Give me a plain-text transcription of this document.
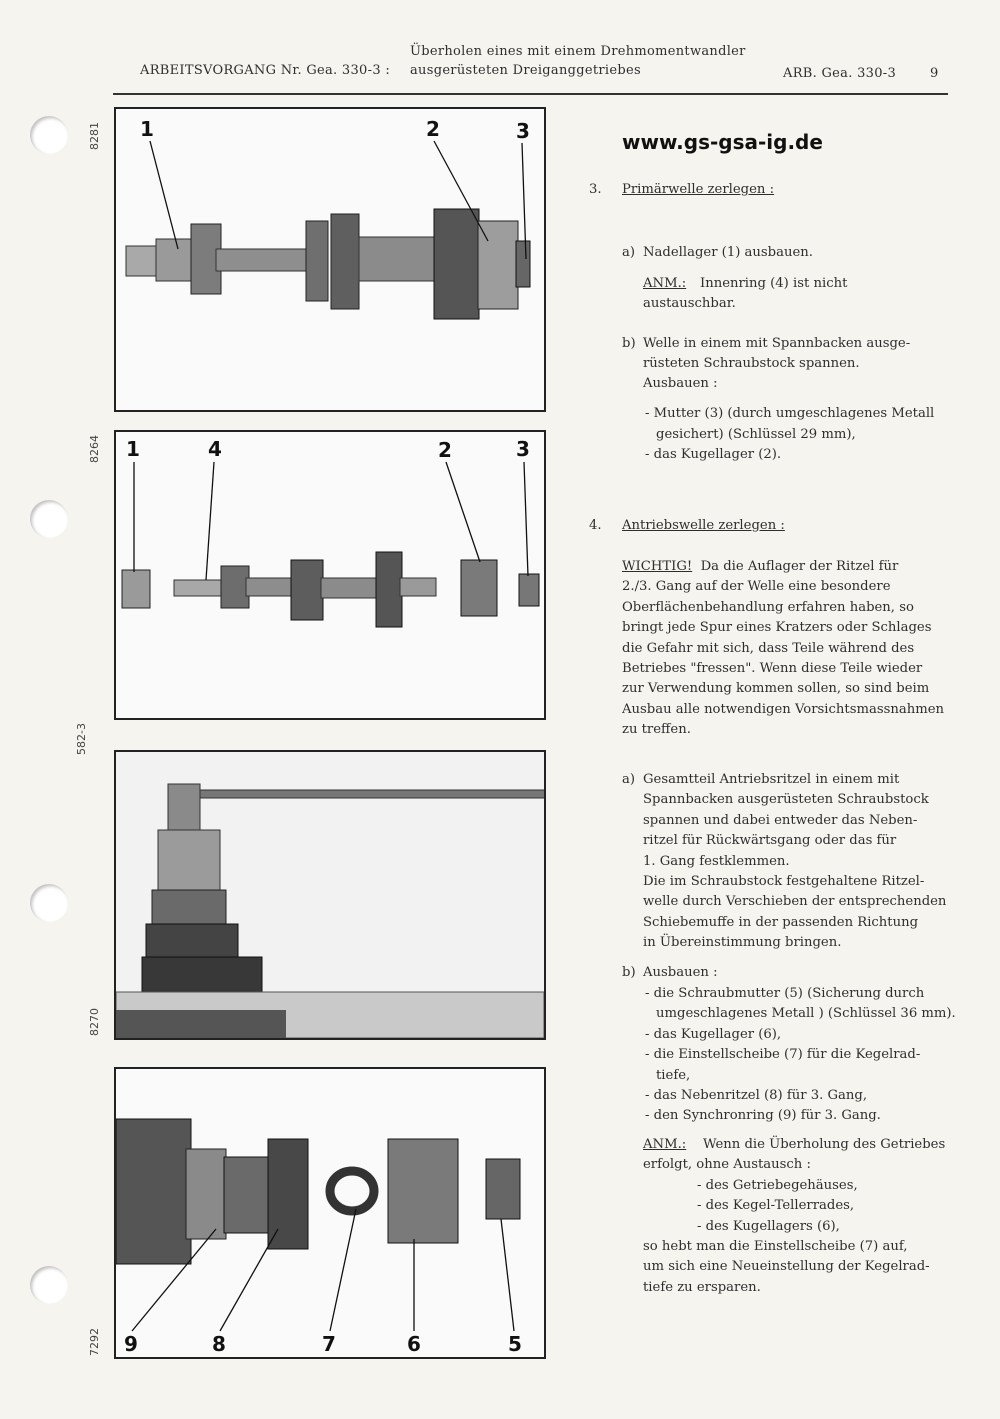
ARBEITSVORGANG Nr. Gea. 330-3 :
Überholen eines mit einem Drehmomentwandler
ausgerüsteten Dreiganggetriebes	ARB. Gea. 330-3	9
8281
8264
582-3
8270
7292
1	2	3
1	4	2	3
9	8	7	6	5
www.gs-gsa-ig.de
3. Primärwelle zerlegen :
a) Nadellager (1) ausbauen.
ANM.: Innenring (4) ist nicht
austauschbar.
b) Welle in einem mit Spannbacken ausge-
rüsteten Schraubstock spannen.
Ausbauen :
- Mutter (3) (durch umgeschlagenes Metall
gesichert) (Schlüssel 29 mm),
- das Kugellager (2).
4. Antriebswelle zerlegen :

WICHTIG! Da die Auflager der Ritzel für

2./3. Gang auf der Welle eine besondere

Oberflächenbehandlung erfahren haben, so

bringt jede Spur eines Kratzers oder Schlages

die Gefahr mit sich, dass Teile während des

Betriebes "fressen". Wenn diese Teile wieder

zur Verwendung kommen sollen, so sind beim

Ausbau alle notwendigen Vorsichtsmassnahmen

zu treffen.

a) Gesamtteil Antriebsritzel in einem mit

Spannbacken ausgerüsteten Schraubstock

spannen und dabei entweder das Neben-

ritzel für Rückwärtsgang oder das für

1. Gang festklemmen.

Die im Schraubstock festgehaltene Ritzel-

welle durch Verschieben der entsprechenden

Schiebemuffe in der passenden Richtung

in Übereinstimmung bringen.

b) Ausbauen :

- die Schraubmutter (5) (Sicherung durch

umgeschlagenes Metall ) (Schlüssel 36 mm).

- das Kugellager (6),

- die Einstellscheibe (7) für die Kegelrad-

tiefe,

- das Nebenritzel (8) für 3. Gang,

- den Synchronring (9) für 3. Gang.

ANM.: Wenn die Überholung des Getriebes
erfolgt, ohne Austausch :

- des Getriebegehäuses,

- des Kegel-Tellerrades,

- des Kugellagers (6),

so hebt man die Einstellscheibe (7) auf,

um sich eine Neueinstellung der Kegelrad-

tiefe zu ersparen.
